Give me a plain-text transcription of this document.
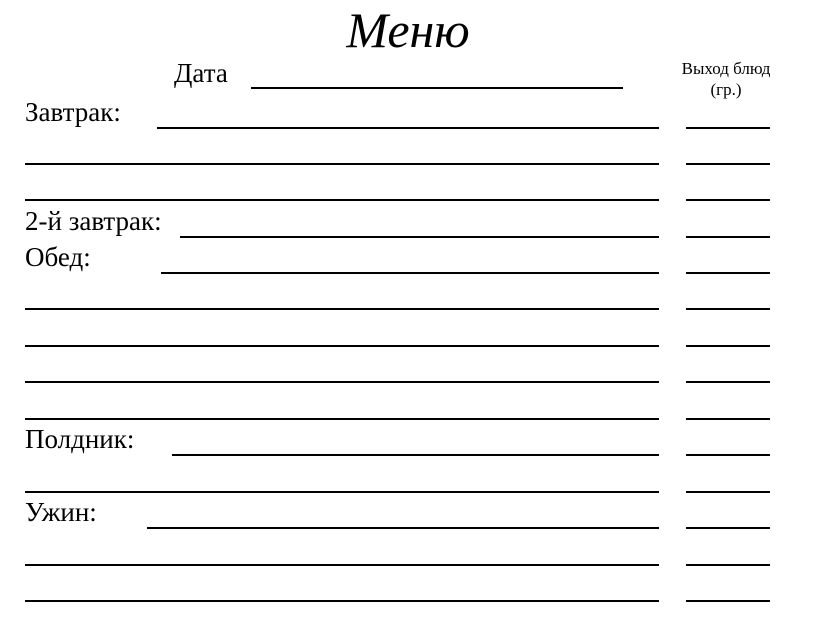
Меню
Дата	Выход блюд (гр.)
Завтрак:
2-й завтрак:
Обед:
Полдник:
Ужин:
